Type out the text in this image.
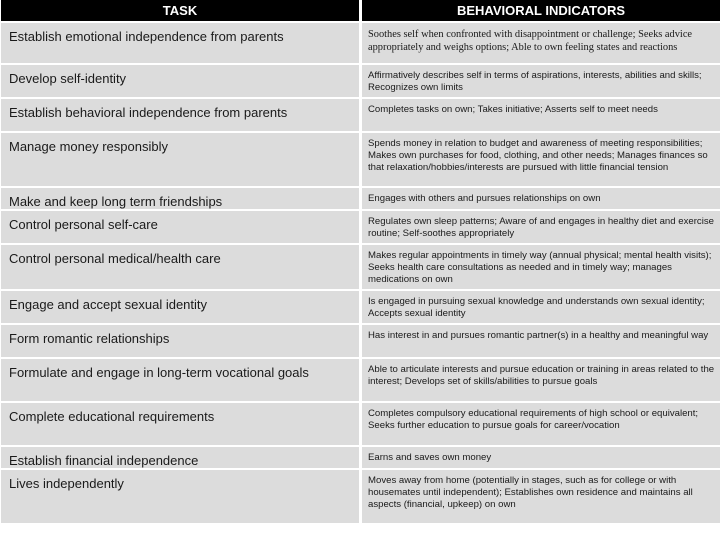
TASK	BEHAVIORAL INDICATORS
Establish emotional independence from parents	Soothes self when confronted with disappointment or challenge; Seeks advice appropriately and weighs options; Able to own feeling states and reactions
Develop self-identity	Affirmatively describes self in terms of aspirations, interests, abilities and skills; Recognizes own limits
Establish behavioral independence from parents	Completes tasks on own; Takes initiative; Asserts self to meet needs
Manage money responsibly	Spends money in relation to budget and awareness of meeting responsibilities; Makes own purchases for food, clothing, and other needs; Manages finances so that relaxation/hobbies/interests are pursued with little financial tension
Make and keep long term friendships	Engages with others and pursues relationships on own
Control personal self-care	Regulates own sleep patterns; Aware of and engages in healthy diet and exercise routine; Self-soothes appropriately
Control personal medical/health care	Makes regular appointments in timely way (annual physical; mental health visits); Seeks health care consultations as needed and in timely way; manages medications on own
Engage and accept sexual identity	Is engaged in pursuing sexual knowledge and understands own sexual identity; Accepts sexual identity
Form romantic relationships	Has interest in and pursues romantic partner(s) in a healthy and meaningful way
Formulate and engage in long-term vocational goals	Able to articulate interests and pursue education or training in areas related to the interest; Develops set of skills/abilities to pursue goals
Complete educational requirements	Completes compulsory educational requirements of high school or equivalent; Seeks further education to pursue goals for career/vocation
Establish financial independence	Earns and saves own money
Lives independently	Moves away from home (potentially in stages, such as for college or with housemates until independent); Establishes own residence and maintains all aspects (financial, upkeep) on own
